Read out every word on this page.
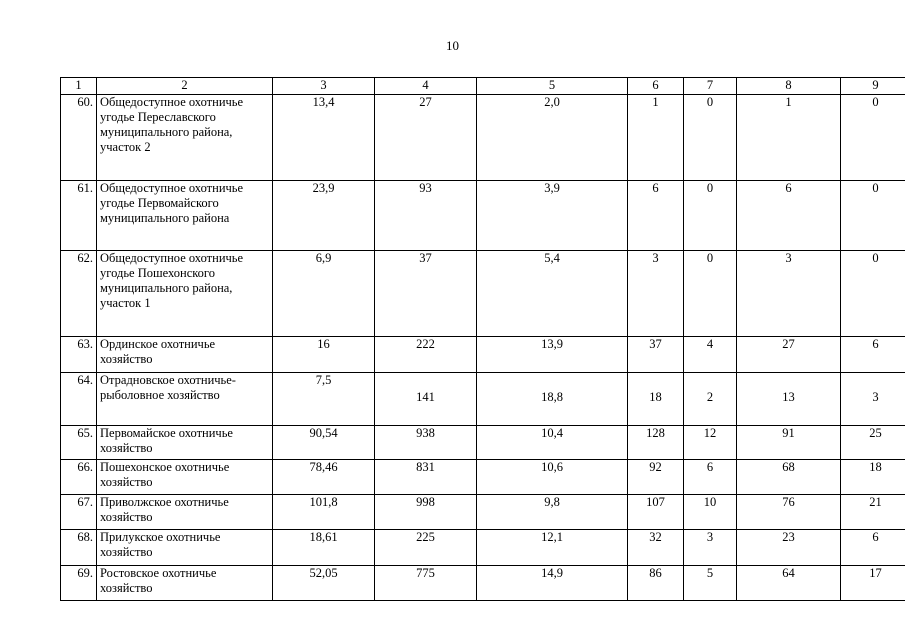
10
1	2	3	4	5	6	7	8	9
60.	Общедоступное охотничье угодье Переславского муниципального района, участок 2	13,4	27	2,0	1	0	1	0
61.	Общедоступное охотничье угодье Первомайского муниципального района	23,9	93	3,9	6	0	6	0
62.	Общедоступное охотничье угодье Пошехонского муниципального района, участок 1	6,9	37	5,4	3	0	3	0
63.	Ординское охотничье хозяйство	16	222	13,9	37	4	27	6
64.	Отрадновское охотничье-рыболовное хозяйство	7,5	141	18,8	18	2	13	3
65.	Первомайское охотничье хозяйство	90,54	938	10,4	128	12	91	25
66.	Пошехонское охотничье хозяйство	78,46	831	10,6	92	6	68	18
67.	Приволжское охотничье хозяйство	101,8	998	9,8	107	10	76	21
68.	Прилукское охотничье хозяйство	18,61	225	12,1	32	3	23	6
69.	Ростовское охотничье хозяйство	52,05	775	14,9	86	5	64	17
